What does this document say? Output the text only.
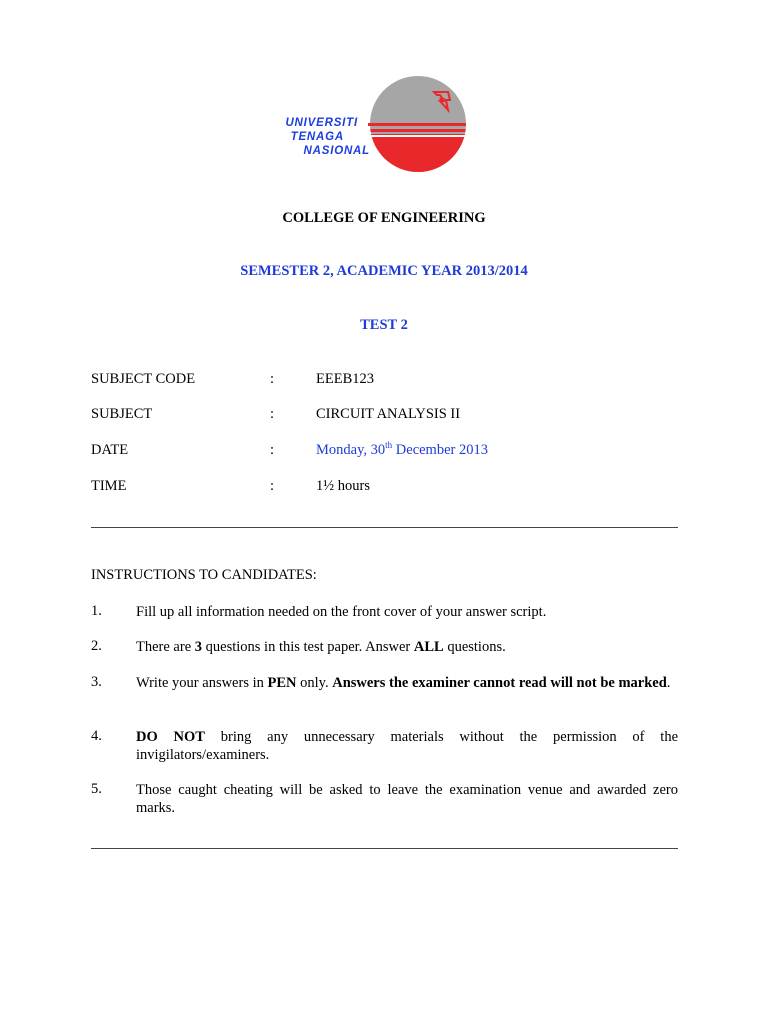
UNIVERSITI
TENAGA
NASIONAL
COLLEGE OF ENGINEERING
SEMESTER 2, ACADEMIC YEAR 2013/2014
TEST 2
SUBJECT CODE	:	EEEB123
SUBJECT	:	CIRCUIT ANALYSIS II
DATE	:	Monday, 30th December 2013
TIME	:	1½ hours
INSTRUCTIONS TO CANDIDATES:
1. Fill up all information needed on the front cover of your answer script.
2. There are 3 questions in this test paper. Answer ALL questions.
3. Write your answers in PEN only. Answers the examiner cannot read will not be marked.
4. DO NOT bring any unnecessary materials without the permission of the invigilators/examiners.
5. Those caught cheating will be asked to leave the examination venue and awarded zero marks.
